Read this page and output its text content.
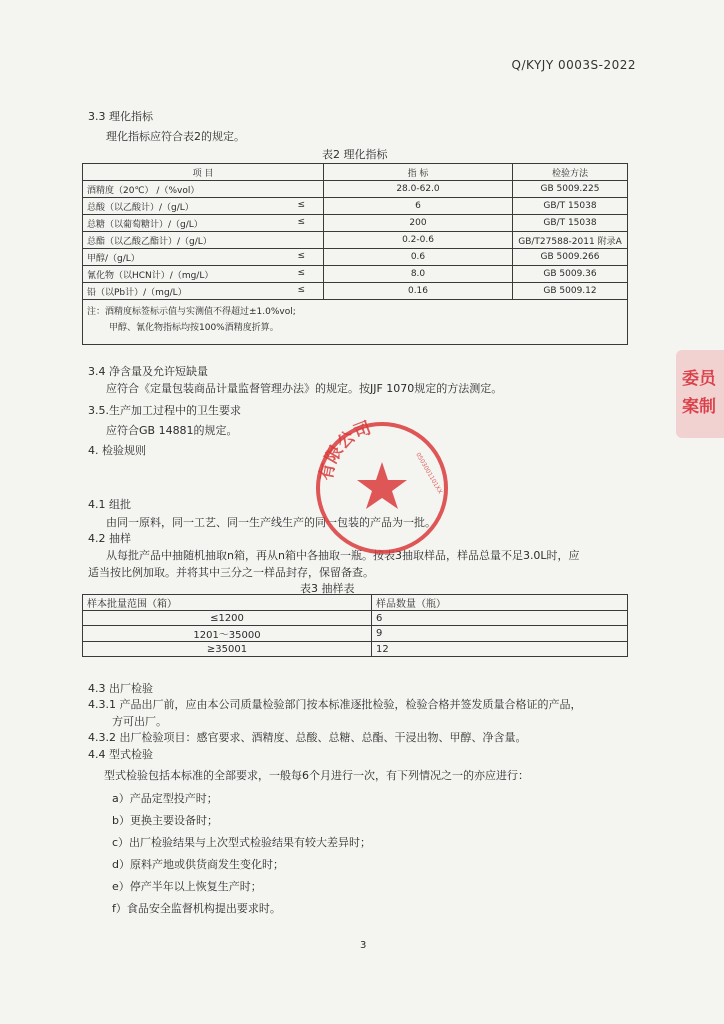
Q/KYJY 0003S-2022
3.3 理化指标
理化指标应符合表2的规定。
表2 理化指标
项 目	指 标	检验方法
酒精度（20℃） /（%vol）	28.0-62.0	GB 5009.225
总酸（以乙酸计）/（g/L） ≤	6	GB/T 15038
总糖（以葡萄糖计）/（g/L） ≤	200	GB/T 15038
总酯（以乙酸乙酯计）/（g/L）	0.2-0.6	GB/T27588-2011 附录A
甲醇/（g/L） ≤	0.6	GB 5009.266
氰化物（以HCN计）/（mg/L） ≤	8.0	GB 5009.36
铅（以Pb计）/（mg/L） ≤	0.16	GB 5009.12

注：酒精度标签标示值与实测值不得超过±1.0%vol;
甲醇、氰化物指标均按100%酒精度折算。		
3.4 净含量及允许短缺量
应符合《定量包装商品计量监督管理办法》的规定。按JJF 1070规定的方法测定。
3.5.生产加工过程中的卫生要求
应符合GB 14881的规定。
4. 检验规则
4.1 组批
由同一原料，同一工艺、同一生产线生产的同一包装的产品为一批。
4.2 抽样
从每批产品中抽随机抽取n箱，再从n箱中各抽取一瓶。按表3抽取样品，样品总量不足3.0L时，应
适当按比例加取。并将其中三分之一样品封存，保留备查。
表3 抽样表
样本批量范围（箱）	样品数量（瓶）
≤1200	6
1201～35000	9
≥35001	12
4.3 出厂检验
4.3.1 产品出厂前，应由本公司质量检验部门按本标准逐批检验，检验合格并签发质量合格证的产品，
方可出厂。
4.3.2 出厂检验项目：感官要求、酒精度、总酸、总糖、总酯、干浸出物、甲醇、净含量。
4.4 型式检验
型式检验包括本标准的全部要求，一般每6个月进行一次，有下列情况之一的亦应进行：
a）产品定型投产时；
b）更换主要设备时；
c）出厂检验结果与上次型式检验结果有较大差异时；
d）原料产地或供货商发生变化时；
e）停产半年以上恢复生产时；
f）食品安全监督机构提出要求时。
3
有限公司
0503001101XX
委员
案制
